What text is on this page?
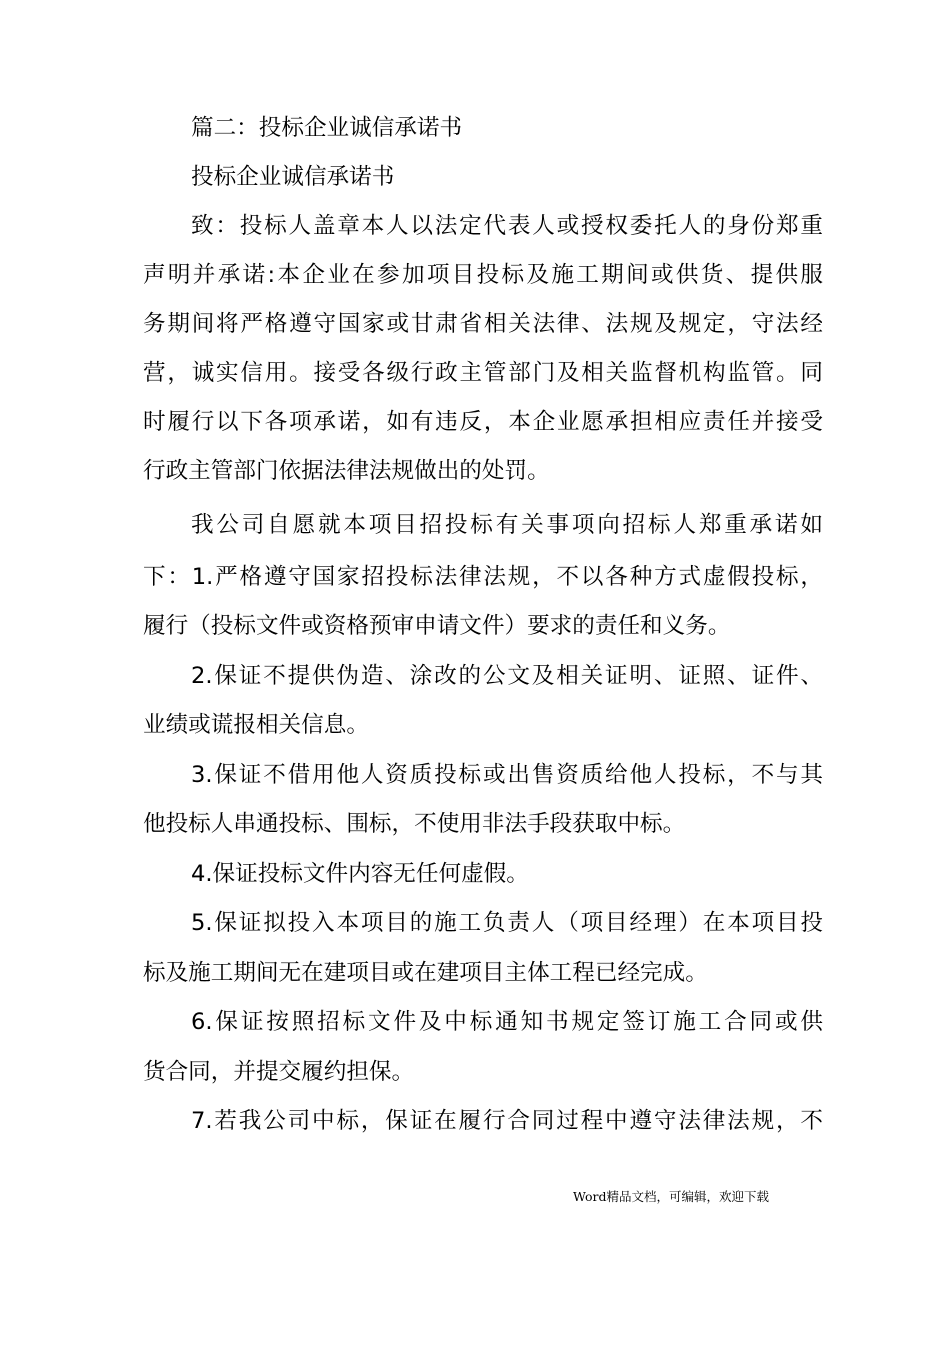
篇二：投标企业诚信承诺书
投标企业诚信承诺书
致：投标人盖章本人以法定代表人或授权委托人的身份郑重
声明并承诺:本企业在参加项目投标及施工期间或供货、提供服
务期间将严格遵守国家或甘肃省相关法律、法规及规定，守法经
营，诚实信用。接受各级行政主管部门及相关监督机构监管。同
时履行以下各项承诺，如有违反，本企业愿承担相应责任并接受
行政主管部门依据法律法规做出的处罚。
我公司自愿就本项目招投标有关事项向招标人郑重承诺如
下：1.严格遵守国家招投标法律法规，不以各种方式虚假投标，
履行（投标文件或资格预审申请文件）要求的责任和义务。
2.保证不提供伪造、涂改的公文及相关证明、证照、证件、
业绩或谎报相关信息。
3.保证不借用他人资质投标或出售资质给他人投标，不与其
他投标人串通投标、围标，不使用非法手段获取中标。
4.保证投标文件内容无任何虚假。
5.保证拟投入本项目的施工负责人（项目经理）在本项目投
标及施工期间无在建项目或在建项目主体工程已经完成。
6.保证按照招标文件及中标通知书规定签订施工合同或供
货合同，并提交履约担保。
7.若我公司中标，保证在履行合同过程中遵守法律法规，不
Word精品文档，可编辑，欢迎下载
